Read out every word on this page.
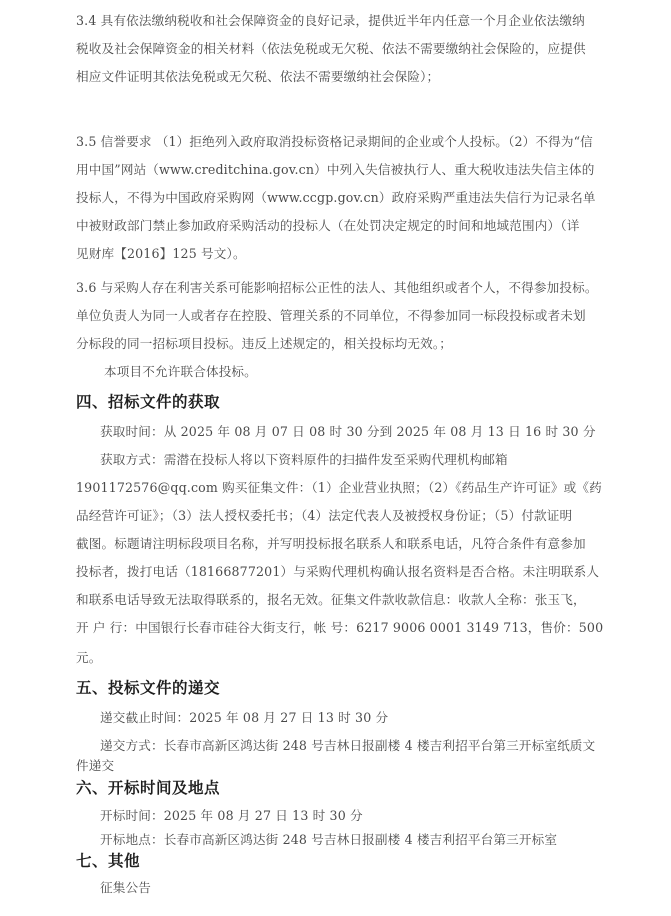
3.4 具有依法缴纳税收和社会保障资金的良好记录，提供近半年内任意一个月企业依法缴纳
税收及社会保障资金的相关材料（依法免税或无欠税、依法不需要缴纳社会保险的，应提供
相应文件证明其依法免税或无欠税、依法不需要缴纳社会保险）；
3.5 信誉要求 （1）拒绝列入政府取消投标资格记录期间的企业或个人投标。（2）不得为“信
用中国”网站（www.creditchina.gov.cn）中列入失信被执行人、重大税收违法失信主体的
投标人，不得为中国政府采购网（www.ccgp.gov.cn）政府采购严重违法失信行为记录名单
中被财政部门禁止参加政府采购活动的投标人（在处罚决定规定的时间和地域范围内）（详
见财库【2016】125 号文）。
3.6 与采购人存在利害关系可能影响招标公正性的法人、其他组织或者个人，不得参加投标。
单位负责人为同一人或者存在控股、管理关系的不同单位，不得参加同一标段投标或者未划
分标段的同一招标项目投标。违反上述规定的，相关投标均无效。；
本项目不允许联合体投标。
四、招标文件的获取
获取时间：从 2025 年 08 月 07 日 08 时 30 分到 2025 年 08 月 13 日 16 时 30 分
获取方式：需潜在投标人将以下资料原件的扫描件发至采购代理机构邮箱
1901172576@qq.com 购买征集文件：（1）企业营业执照；（2）《药品生产许可证》或《药
品经营许可证》；（3）法人授权委托书；（4）法定代表人及被授权身份证；（5）付款证明
截图。标题请注明标段项目名称，并写明投标报名联系人和联系电话，凡符合条件有意参加
投标者，拨打电话（18166877201）与采购代理机构确认报名资料是否合格。未注明联系人
和联系电话导致无法取得联系的，报名无效。征集文件款收款信息：收款人全称：张玉飞，
开 户 行：中国银行长春市硅谷大街支行，帐 号：6217 9006 0001 3149 713，售价：500
元。
五、投标文件的递交
递交截止时间：2025 年 08 月 27 日 13 时 30 分
递交方式：长春市高新区鸿达街 248 号吉林日报副楼 4 楼吉利招平台第三开标室纸质文
件递交
六、开标时间及地点
开标时间：2025 年 08 月 27 日 13 时 30 分
开标地点：长春市高新区鸿达街 248 号吉林日报副楼 4 楼吉利招平台第三开标室
七、其他
征集公告
